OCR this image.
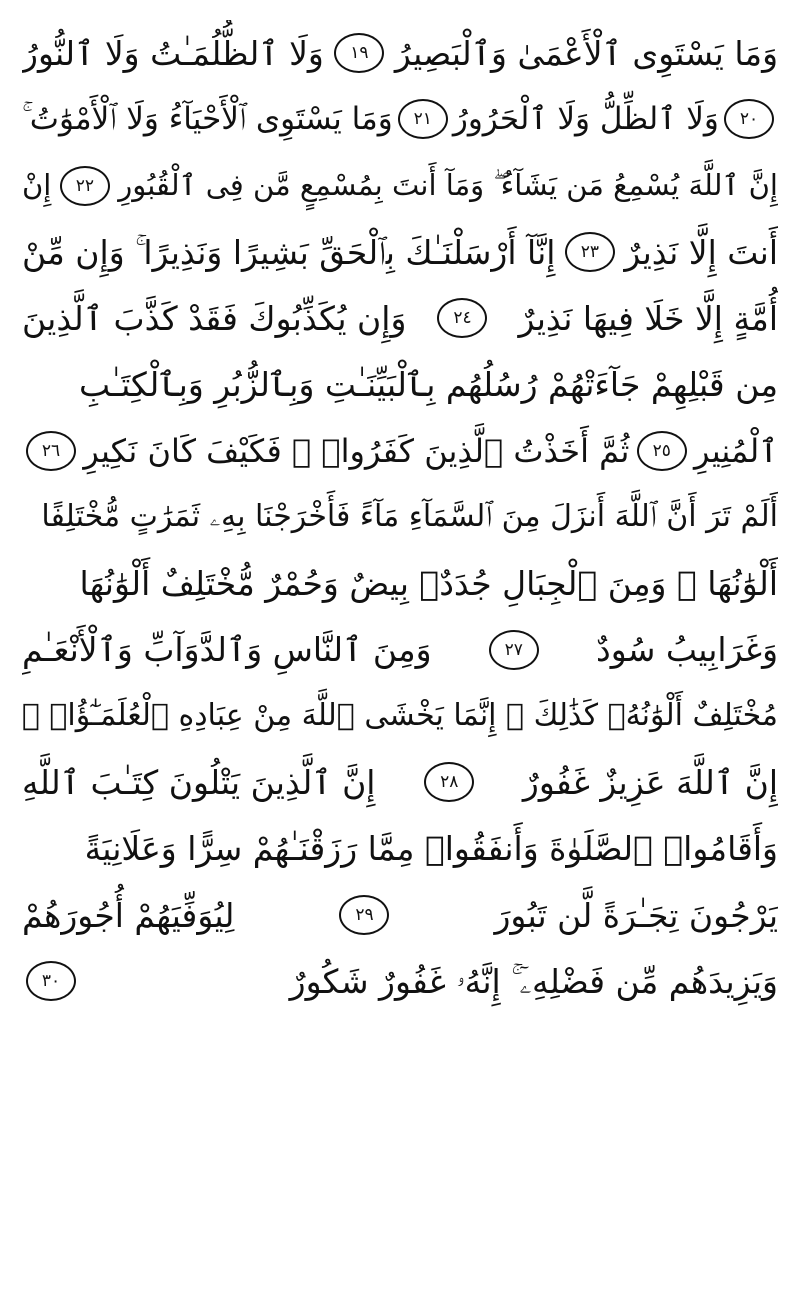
وَمَا يَسْتَوِى ٱلْأَعْمَىٰ وَٱلْبَصِيرُ
١٩
وَلَا ٱلظُّلُمَـٰتُ وَلَا ٱلنُّورُ
٢٠
وَلَا ٱلظِّلُّ وَلَا ٱلْحَرُورُ
٢١
وَمَا يَسْتَوِى ٱلْأَحْيَآءُ وَلَا ٱلْأَمْوَٰتُ ۚ
إِنَّ ٱللَّهَ يُسْمِعُ مَن يَشَآءُ ۖ وَمَآ أَنتَ بِمُسْمِعٍ مَّن فِى ٱلْقُبُورِ
٢٢
إِنْ
أَنتَ إِلَّا نَذِيرٌ
٢٣
إِنَّآ أَرْسَلْنَـٰكَ بِٱلْحَقِّ بَشِيرًا وَنَذِيرًا ۚ وَإِن مِّنْ
أُمَّةٍ إِلَّا خَلَا فِيهَا نَذِيرٌ
٢٤
وَإِن يُكَذِّبُوكَ فَقَدْ كَذَّبَ ٱلَّذِينَ
مِن قَبْلِهِمْ جَآءَتْهُمْ رُسُلُهُم بِٱلْبَيِّنَـٰتِ وَبِٱلزُّبُرِ وَبِٱلْكِتَـٰبِ
ٱلْمُنِيرِ
٢٥
ثُمَّ أَخَذْتُ ٱلَّذِينَ كَفَرُوا۟ ۖ فَكَيْفَ كَانَ نَكِيرِ
٢٦
أَلَمْ تَرَ أَنَّ ٱللَّهَ أَنزَلَ مِنَ ٱلسَّمَآءِ مَآءً فَأَخْرَجْنَا بِهِۦ ثَمَرَٰتٍ مُّخْتَلِفًا
أَلْوَٰنُهَا ۚ وَمِنَ ٱلْجِبَالِ جُدَدٌۢ بِيضٌ وَحُمْرٌ مُّخْتَلِفٌ أَلْوَٰنُهَا
وَغَرَابِيبُ سُودٌ
٢٧
وَمِنَ ٱلنَّاسِ وَٱلدَّوَآبِّ وَٱلْأَنْعَـٰمِ
مُخْتَلِفٌ أَلْوَٰنُهُۥ كَذَٰلِكَ ۗ إِنَّمَا يَخْشَى ٱللَّهَ مِنْ عِبَادِهِ ٱلْعُلَمَـٰٓؤُا۟ ۗ
إِنَّ ٱللَّهَ عَزِيزٌ غَفُورٌ
٢٨
إِنَّ ٱلَّذِينَ يَتْلُونَ كِتَـٰبَ ٱللَّهِ
وَأَقَامُوا۟ ٱلصَّلَوٰةَ وَأَنفَقُوا۟ مِمَّا رَزَقْنَـٰهُمْ سِرًّا وَعَلَانِيَةً
يَرْجُونَ تِجَـٰرَةً لَّن تَبُورَ
٢٩
لِيُوَفِّيَهُمْ أُجُورَهُمْ
وَيَزِيدَهُم مِّن فَضْلِهِۦٓ ۚ إِنَّهُۥ غَفُورٌ شَكُورٌ
٣٠
